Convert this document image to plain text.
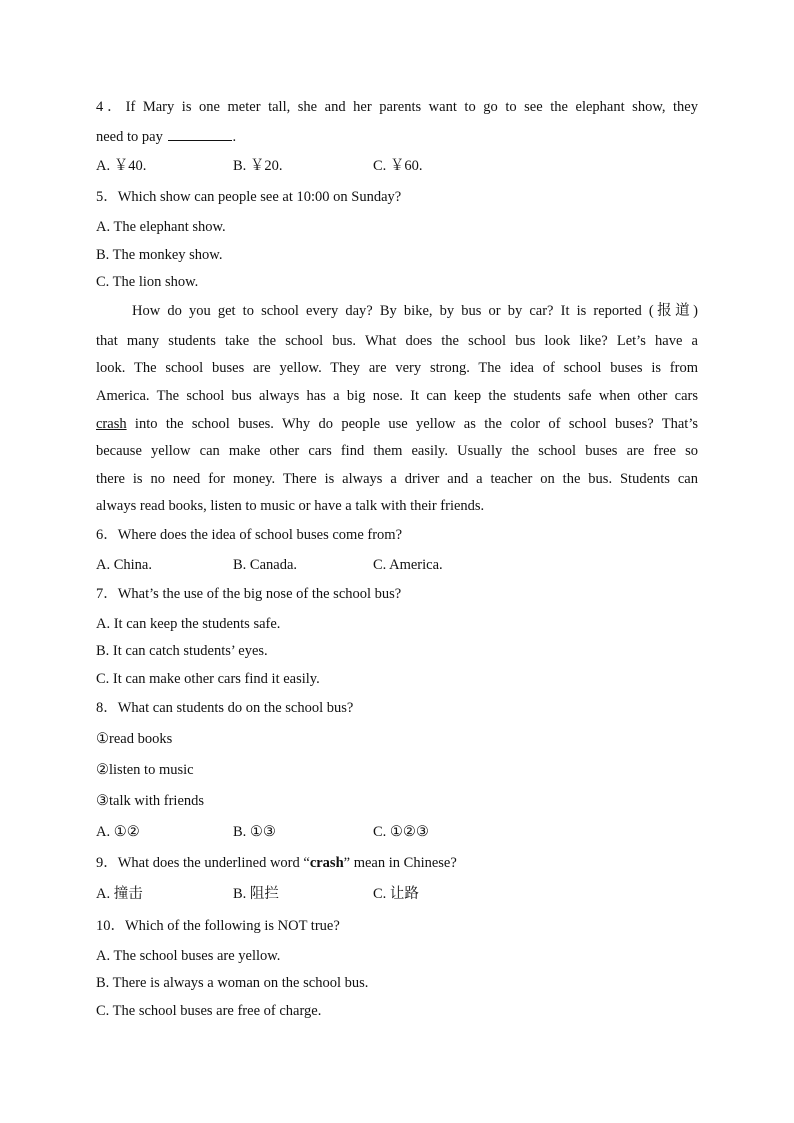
4．If Mary is one meter tall, she and her parents want to go to see the elephant show, they
need to pay	.
A. ￥40.	B. ￥20.	C. ￥60.
5．Which show can people see at 10:00 on Sunday?
A. The elephant show.
B. The monkey show.
C. The lion show.
How do you get to school every day? By bike, by bus or by car? It is reported (报道)
that many students take the school bus. What does the school bus look like? Let’s have a
look. The school buses are yellow. They are very strong. The idea of school buses is from
America. The school bus always has a big nose. It can keep the students safe when other cars
crash into the school buses. Why do people use yellow as the color of school buses? That’s
because yellow can make other cars find them easily. Usually the school buses are free so
there is no need for money. There is always a driver and a teacher on the bus. Students can
always read books, listen to music or have a talk with their friends.
6．Where does the idea of school buses come from?
A. China.	B. Canada.	C. America.
7．What’s the use of the big nose of the school bus?
A. It can keep the students safe.
B. It can catch students’ eyes.
C. It can make other cars find it easily.
8．What can students do on the school bus?
①read books
②listen to music
③talk with friends
A. ①②	B. ①③	C. ①②③
9．What does the underlined word “crash” mean in Chinese?
A. 撞击	B. 阻拦	C. 让路
10．Which of the following is NOT true?
A. The school buses are yellow.
B. There is always a woman on the school bus.
C. The school buses are free of charge.
